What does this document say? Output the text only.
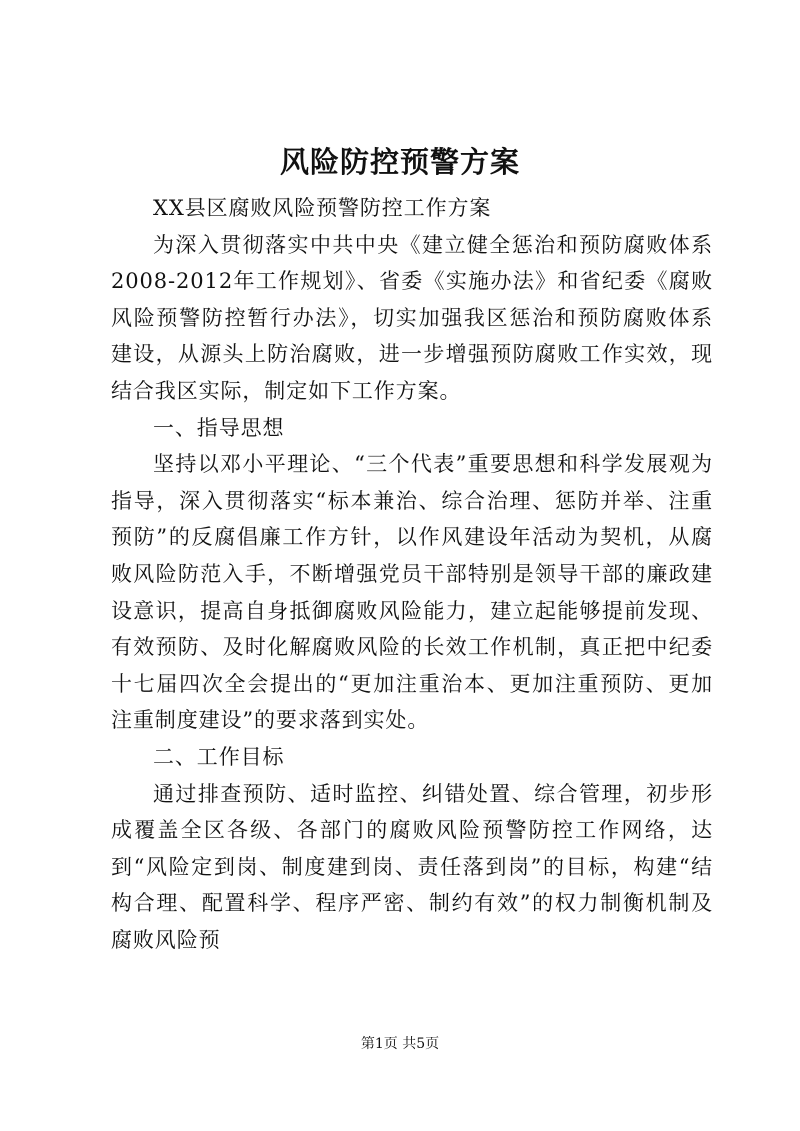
风险防控预警方案

XX县区腐败风险预警防控工作方案

为深入贯彻落实中共中央《建立健全惩治和预防腐败体系2008-2012年工作规划》、省委《实施办法》和省纪委《腐败风险预警防控暂行办法》，切实加强我区惩治和预防腐败体系建设，从源头上防治腐败，进一步增强预防腐败工作实效，现结合我区实际，制定如下工作方案。

一、指导思想

坚持以邓小平理论、“三个代表”重要思想和科学发展观为指导，深入贯彻落实“标本兼治、综合治理、惩防并举、注重预防”的反腐倡廉工作方针，以作风建设年活动为契机，从腐败风险防范入手，不断增强党员干部特别是领导干部的廉政建设意识，提高自身抵御腐败风险能力，建立起能够提前发现、有效预防、及时化解腐败风险的长效工作机制，真正把中纪委十七届四次全会提出的“更加注重治本、更加注重预防、更加注重制度建设”的要求落到实处。

二、工作目标

通过排查预防、适时监控、纠错处置、综合管理，初步形成覆盖全区各级、各部门的腐败风险预警防控工作网络，达到“风险定到岗、制度建到岗、责任落到岗”的目标，构建“结构合理、配置科学、程序严密、制约有效”的权力制衡机制及腐败风险预

第1页 共5页
